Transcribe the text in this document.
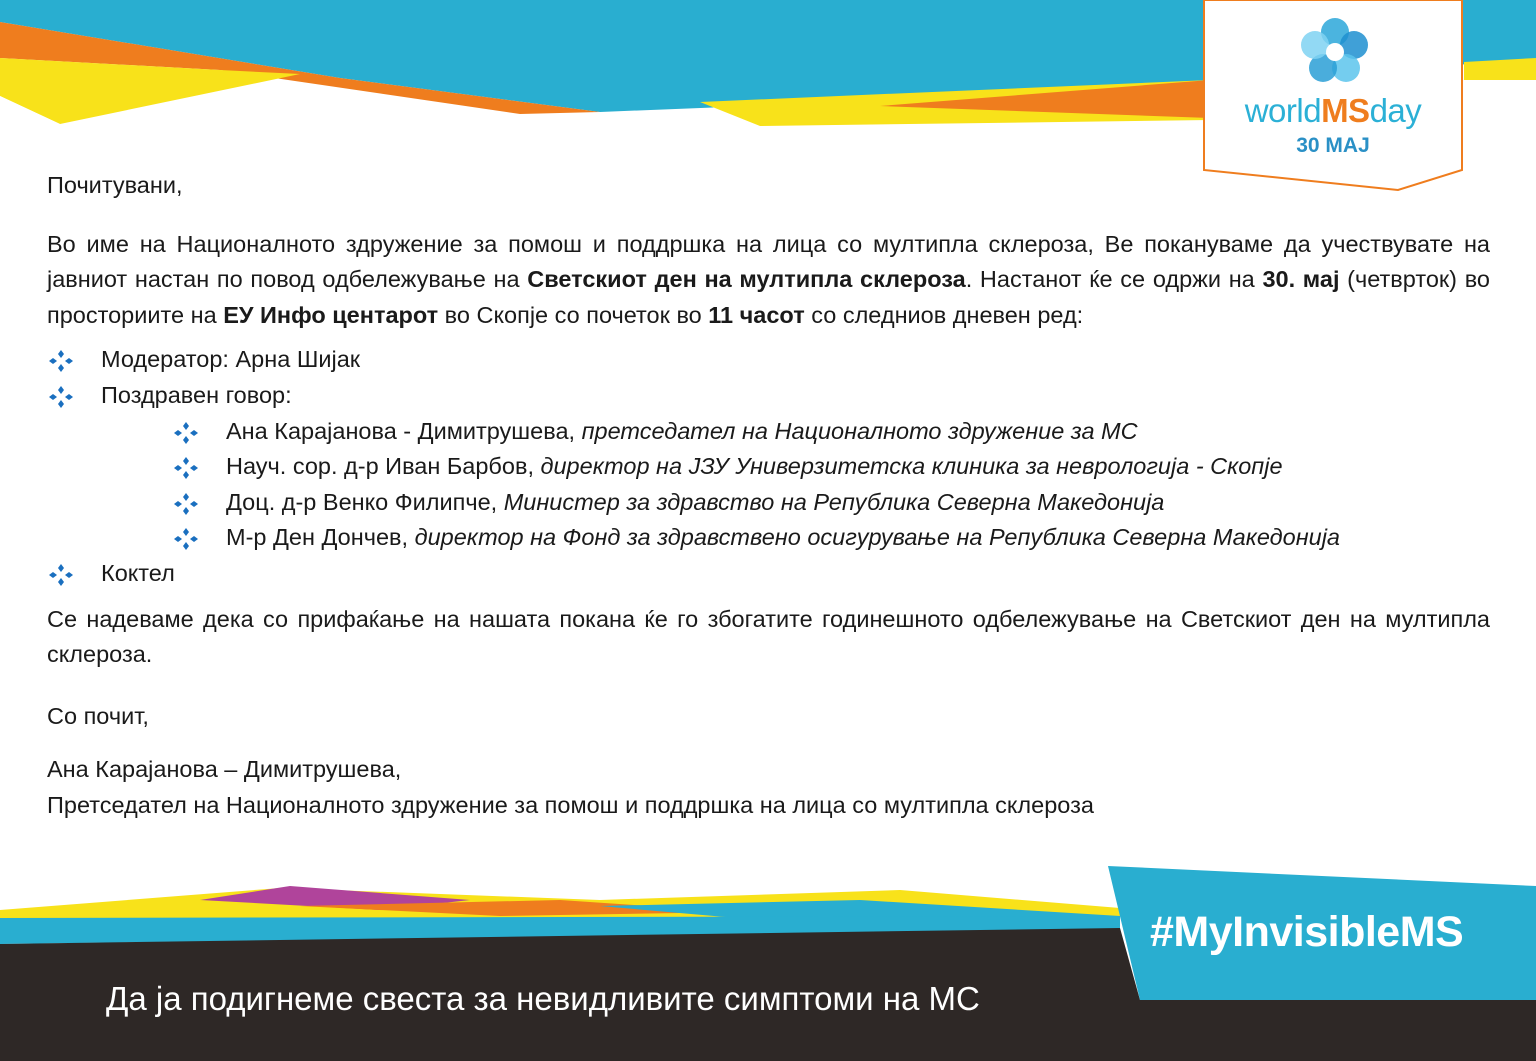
worldMSday
30 МАЈ

Почитувани,

Во име на Националното здружение за помош и поддршка на лица со мултипла склероза, Ве покануваме да учествувате на јавниот настан по повод одбележување на Светскиот ден на мултипла склероза. Настанот ќе се одржи на 30. мај (четврток) во просториите на ЕУ Инфо центарот во Скопје со почеток во 11 часот со следниов дневен ред:

Модератор: Арна Шијак
Поздравен говор:
Ана Карајанова - Димитрушева, претседател на Националното здружение за МС
Науч. сор. д-р Иван Барбов, директор на ЈЗУ Универзитетска клиника за неврологија - Скопје
Доц. д-р Венко Филипче, Министер за здравство на Република Северна Македонија
М-р Ден Дончев, директор на Фонд за здравствено осигурување на Република Северна Македонија
Коктел

Се надеваме дека со прифаќање на нашата покана ќе го збогатите годинешното одбележување на Светскиот ден на мултипла склероза.

Со почит,

Ана Карајанова – Димитрушева,

Претседател на Националното здружение за помош и поддршка на лица со мултипла склероза

#MyInvisibleMS
Да ја подигнеме свеста за невидливите симптоми на МС
